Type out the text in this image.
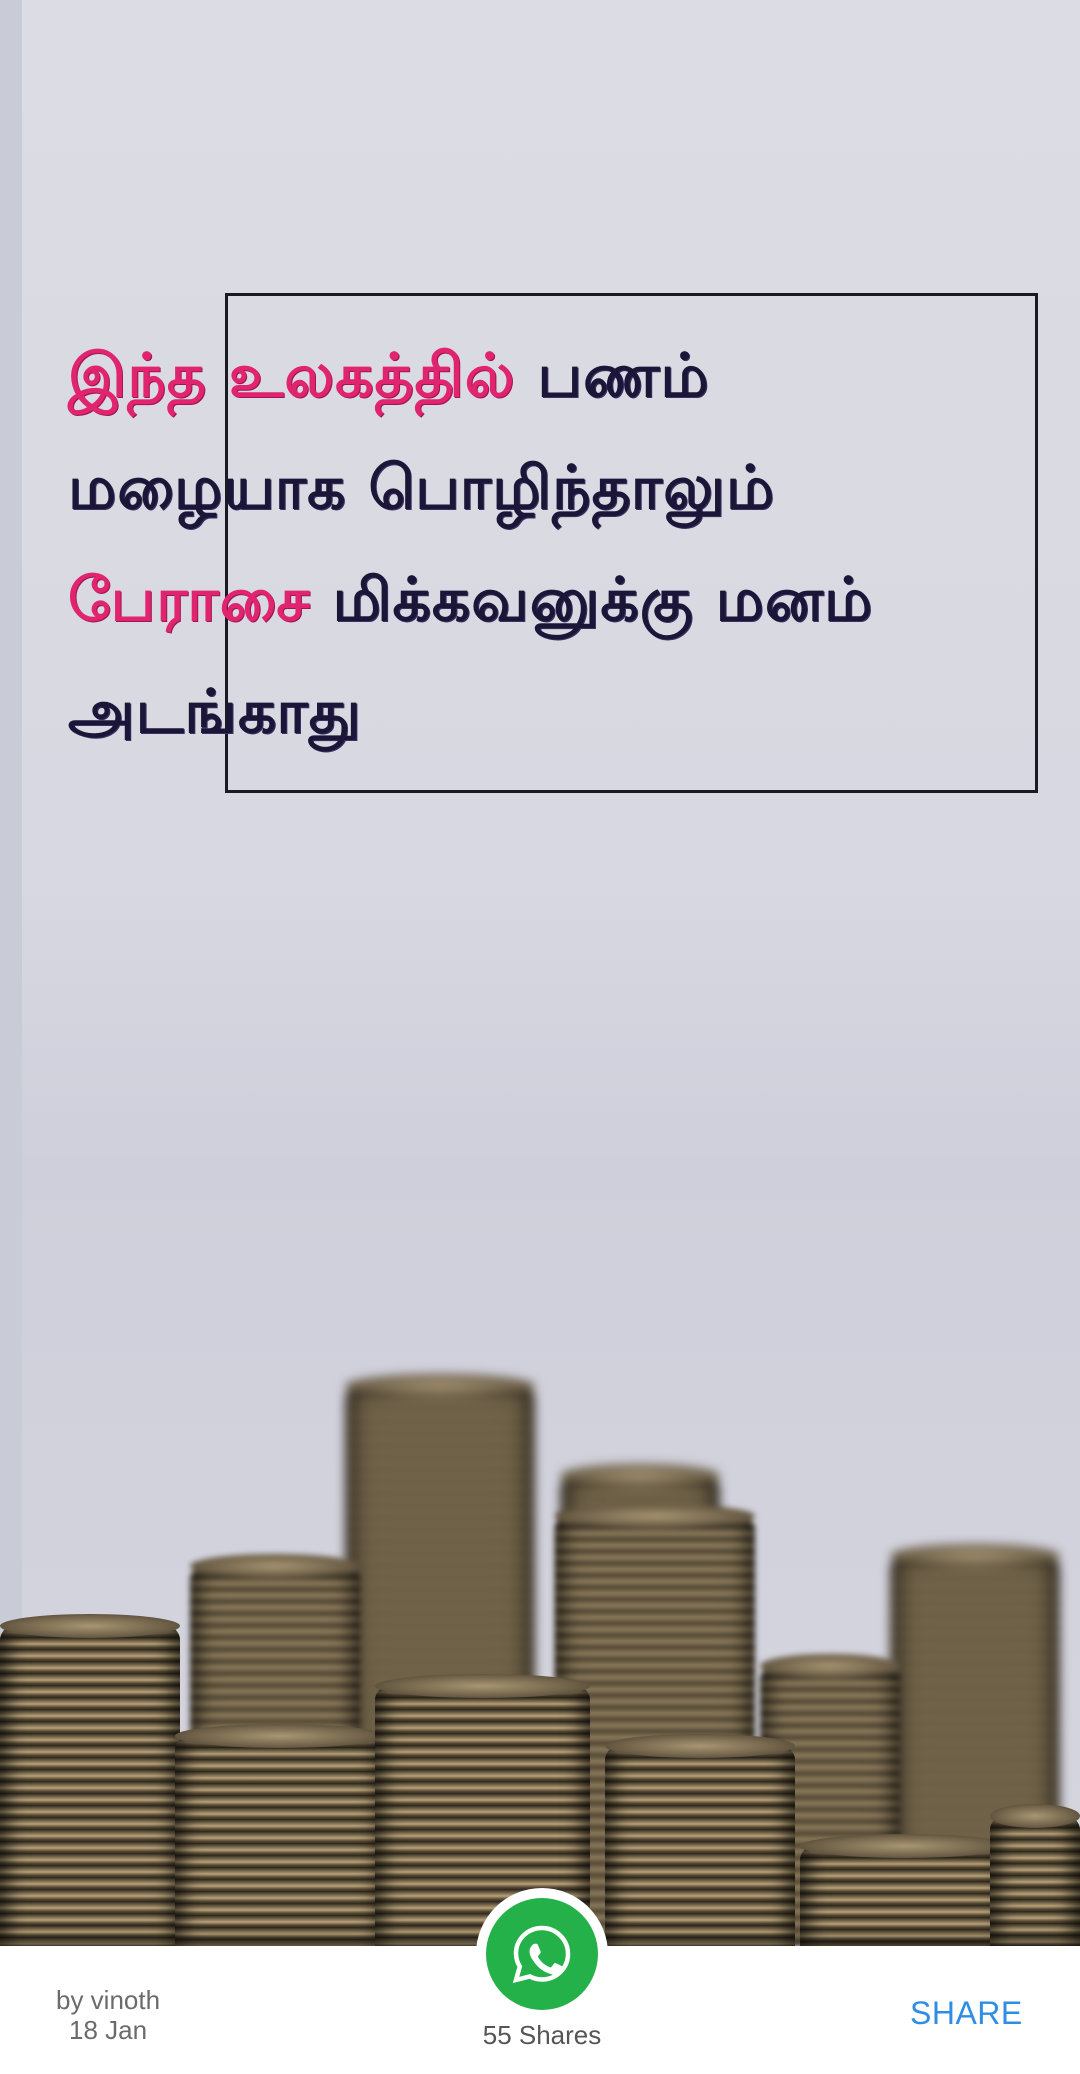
இந்த உலகத்தில் பணம்
மழையாக பொழிந்தாலும்
பேராசை மிக்கவனுக்கு மனம்
அடங்காது
by vinoth
18 Jan	55 Shares
SHARE
